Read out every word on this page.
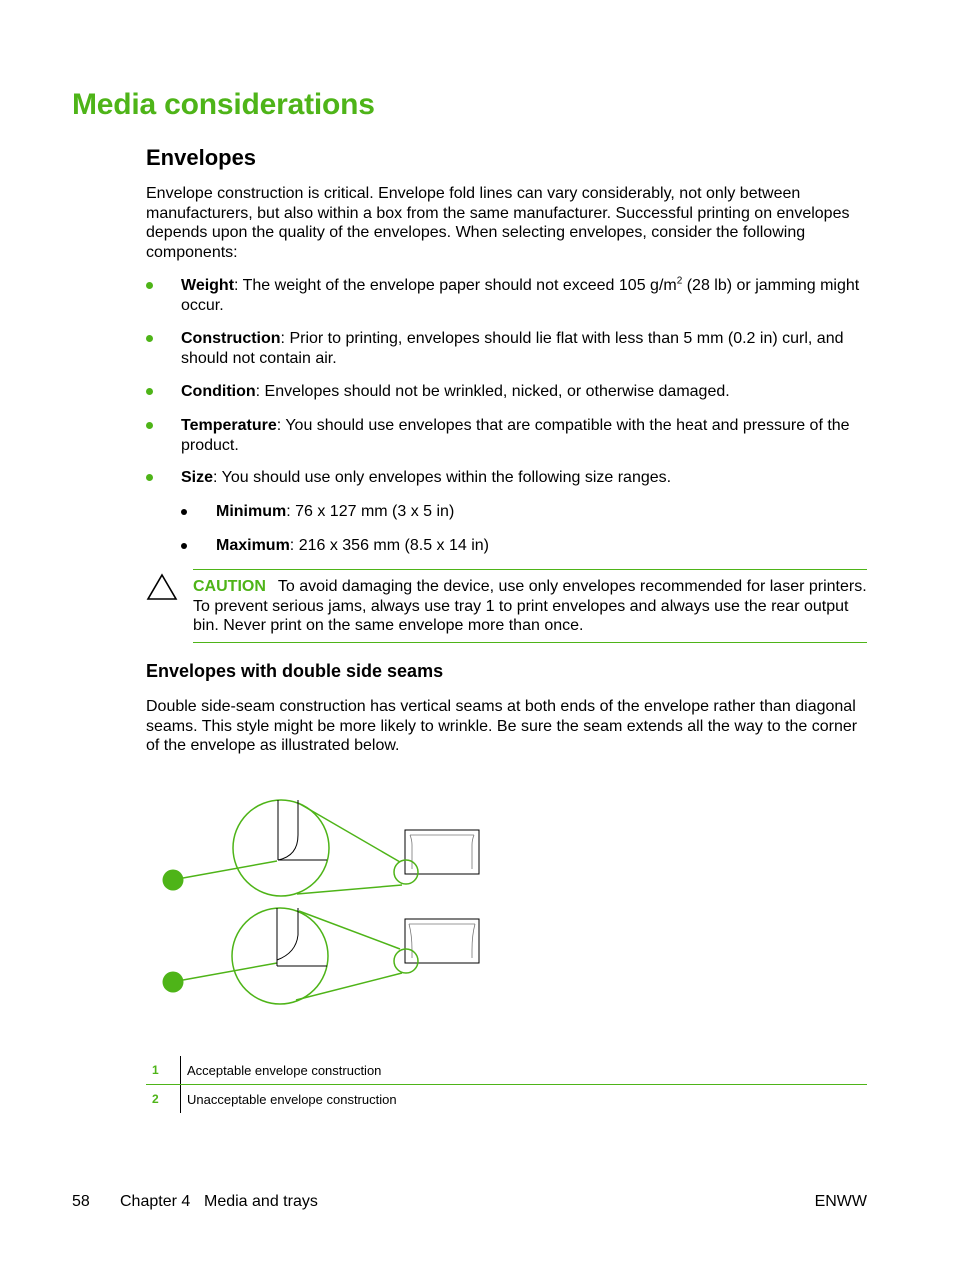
Media considerations
Envelopes

Envelope construction is critical. Envelope fold lines can vary considerably, not only between manufacturers, but also within a box from the same manufacturer. Successful printing on envelopes depends upon the quality of the envelopes. When selecting envelopes, consider the following components:

Weight: The weight of the envelope paper should not exceed 105 $g/m^2$ (28 lb) or jamming might occur.
Construction: Prior to printing, envelopes should lie flat with less than 5 mm (0.2 in) curl, and should not contain air.
Condition: Envelopes should not be wrinkled, nicked, or otherwise damaged.
Temperature: You should use envelopes that are compatible with the heat and pressure of the product.
Size: You should use only envelopes within the following size ranges.
Minimum: 76 x 127 mm (3 x 5 in)
Maximum: 216 x 356 mm (8.5 x 14 in)
CAUTION To avoid damaging the device, use only envelopes recommended for laser printers. To prevent serious jams, always use tray 1 to print envelopes and always use the rear output bin. Never print on the same envelope more than once.
Envelopes with double side seams

Double side-seam construction has vertical seams at both ends of the envelope rather than diagonal seams. This style might be more likely to wrinkle. Be sure the seam extends all the way to the corner of the envelope as illustrated below.

1	Acceptable envelope construction
2	Unacceptable envelope construction
58 Chapter 4 Media and trays	ENWW
